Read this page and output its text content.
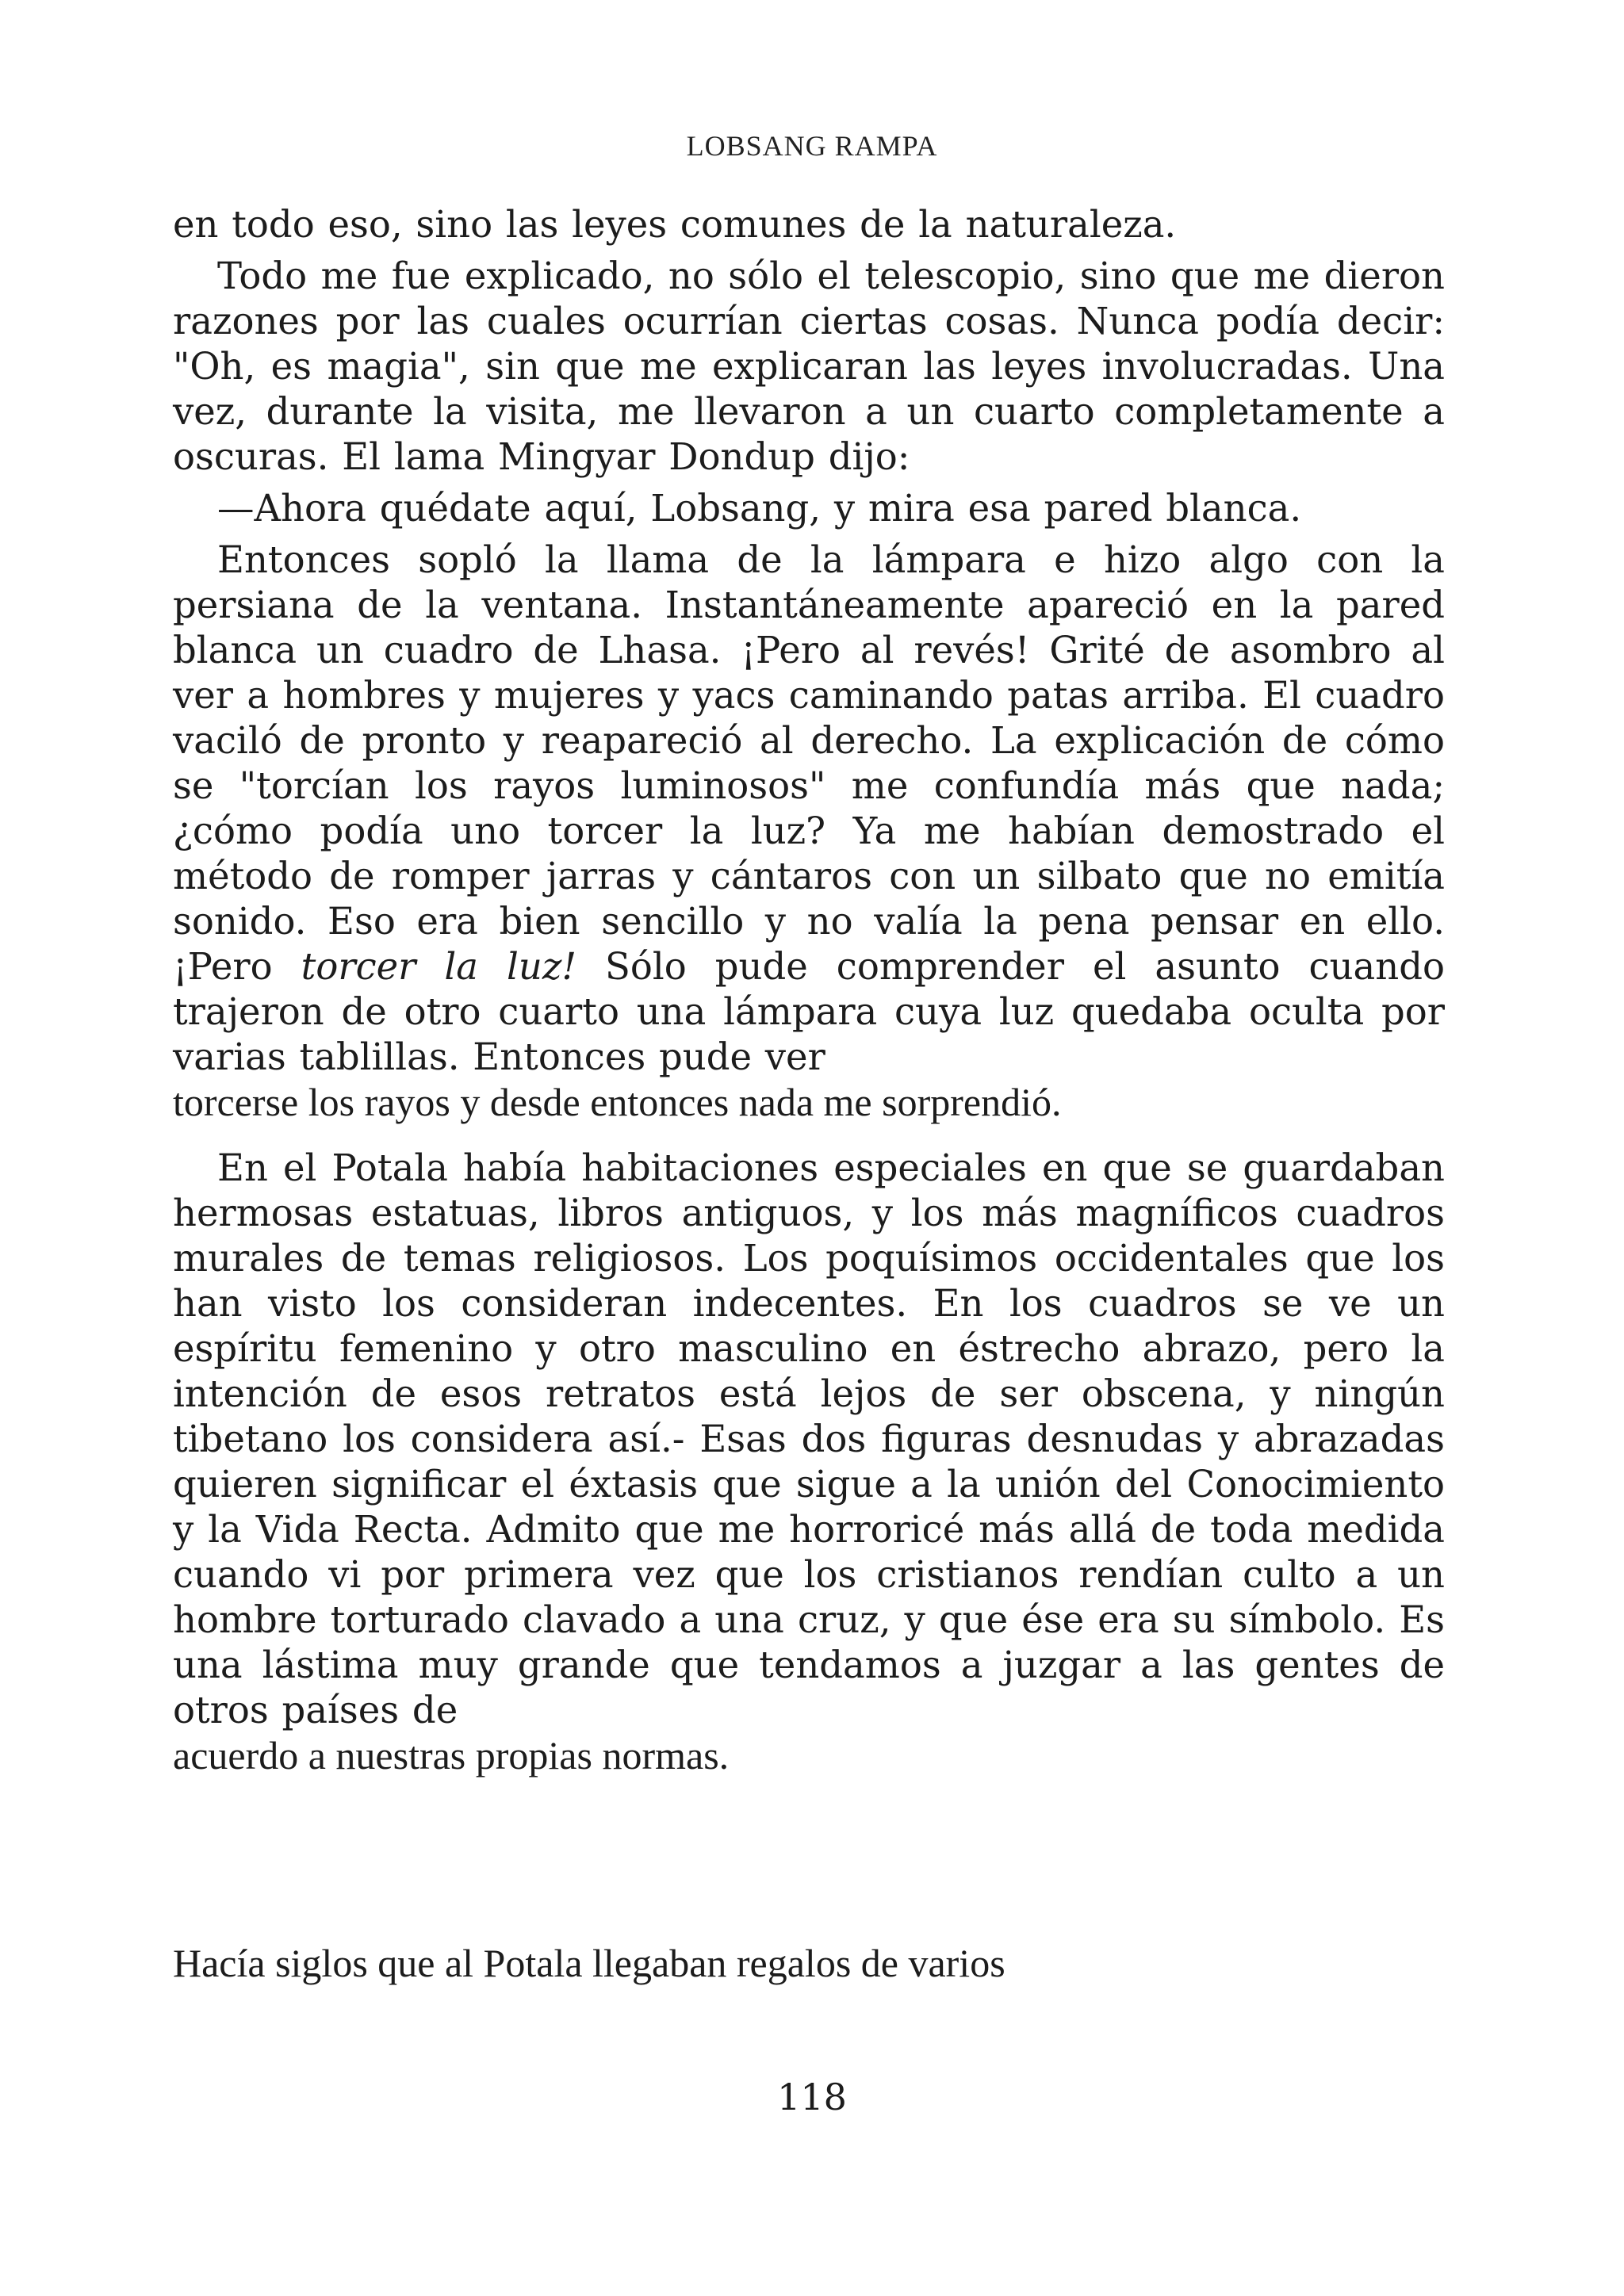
LOBSANG RAMPA

en todo eso, sino las leyes comunes de la naturaleza.

Todo me fue explicado, no sólo el telescopio, sino que me dieron razones por las cuales ocurrían ciertas cosas. Nunca podía decir: "Oh, es magia", sin que me explicaran las leyes involucradas. Una vez, durante la visita, me llevaron a un cuarto completamente a oscuras. El lama Mingyar Dondup dijo:

—Ahora quédate aquí, Lobsang, y mira esa pared blanca.

Entonces sopló la llama de la lámpara e hizo algo con la persiana de la ventana. Instantáneamente apareció en la pared blanca un cuadro de Lhasa. ¡Pero al revés! Grité de asombro al ver a hombres y mujeres y yacs caminando patas arriba. El cuadro vaciló de pronto y reapareció al derecho. La explicación de cómo se "torcían los rayos luminosos" me confundía más que nada;¿cómo podía uno torcer la luz? Ya me habían demostrado el método de romper jarras y cántaros con un silbato que no emitía sonido. Eso era bien sencillo y no valía la pena pensar en ello. ¡Pero torcer la luz! Sólo pude comprender el asunto cuando trajeron de otro cuarto una lámpara cuya luz quedaba oculta por varias tablillas. Entonces pude ver

torcerse los rayos y desde entonces nada me sorprendió.

En el Potala había habitaciones especiales en que se guardaban hermosas estatuas, libros antiguos, y los más magníficos cuadros murales de temas religiosos. Los poquísimos occidentales que los han visto los consideran indecentes. En los cuadros se ve un espíritu femenino y otro masculino en éstrecho abrazo, pero la intención de esos retratos está lejos de ser obscena, y ningún tibetano los considera así.- Esas dos figuras desnudas y abrazadas quieren significar el éxtasis que sigue a la unión del Conocimiento y la Vida Recta. Admito que me horroricé más allá de toda medida cuando vi por primera vez que los cristianos rendían culto a un hombre torturado clavado a una cruz, y que ése era su símbolo. Es una lástima muy grande que tendamos a juzgar a las gentes de otros países de

acuerdo a nuestras propias normas.

Hacía siglos que al Potala llegaban regalos de varios
118
